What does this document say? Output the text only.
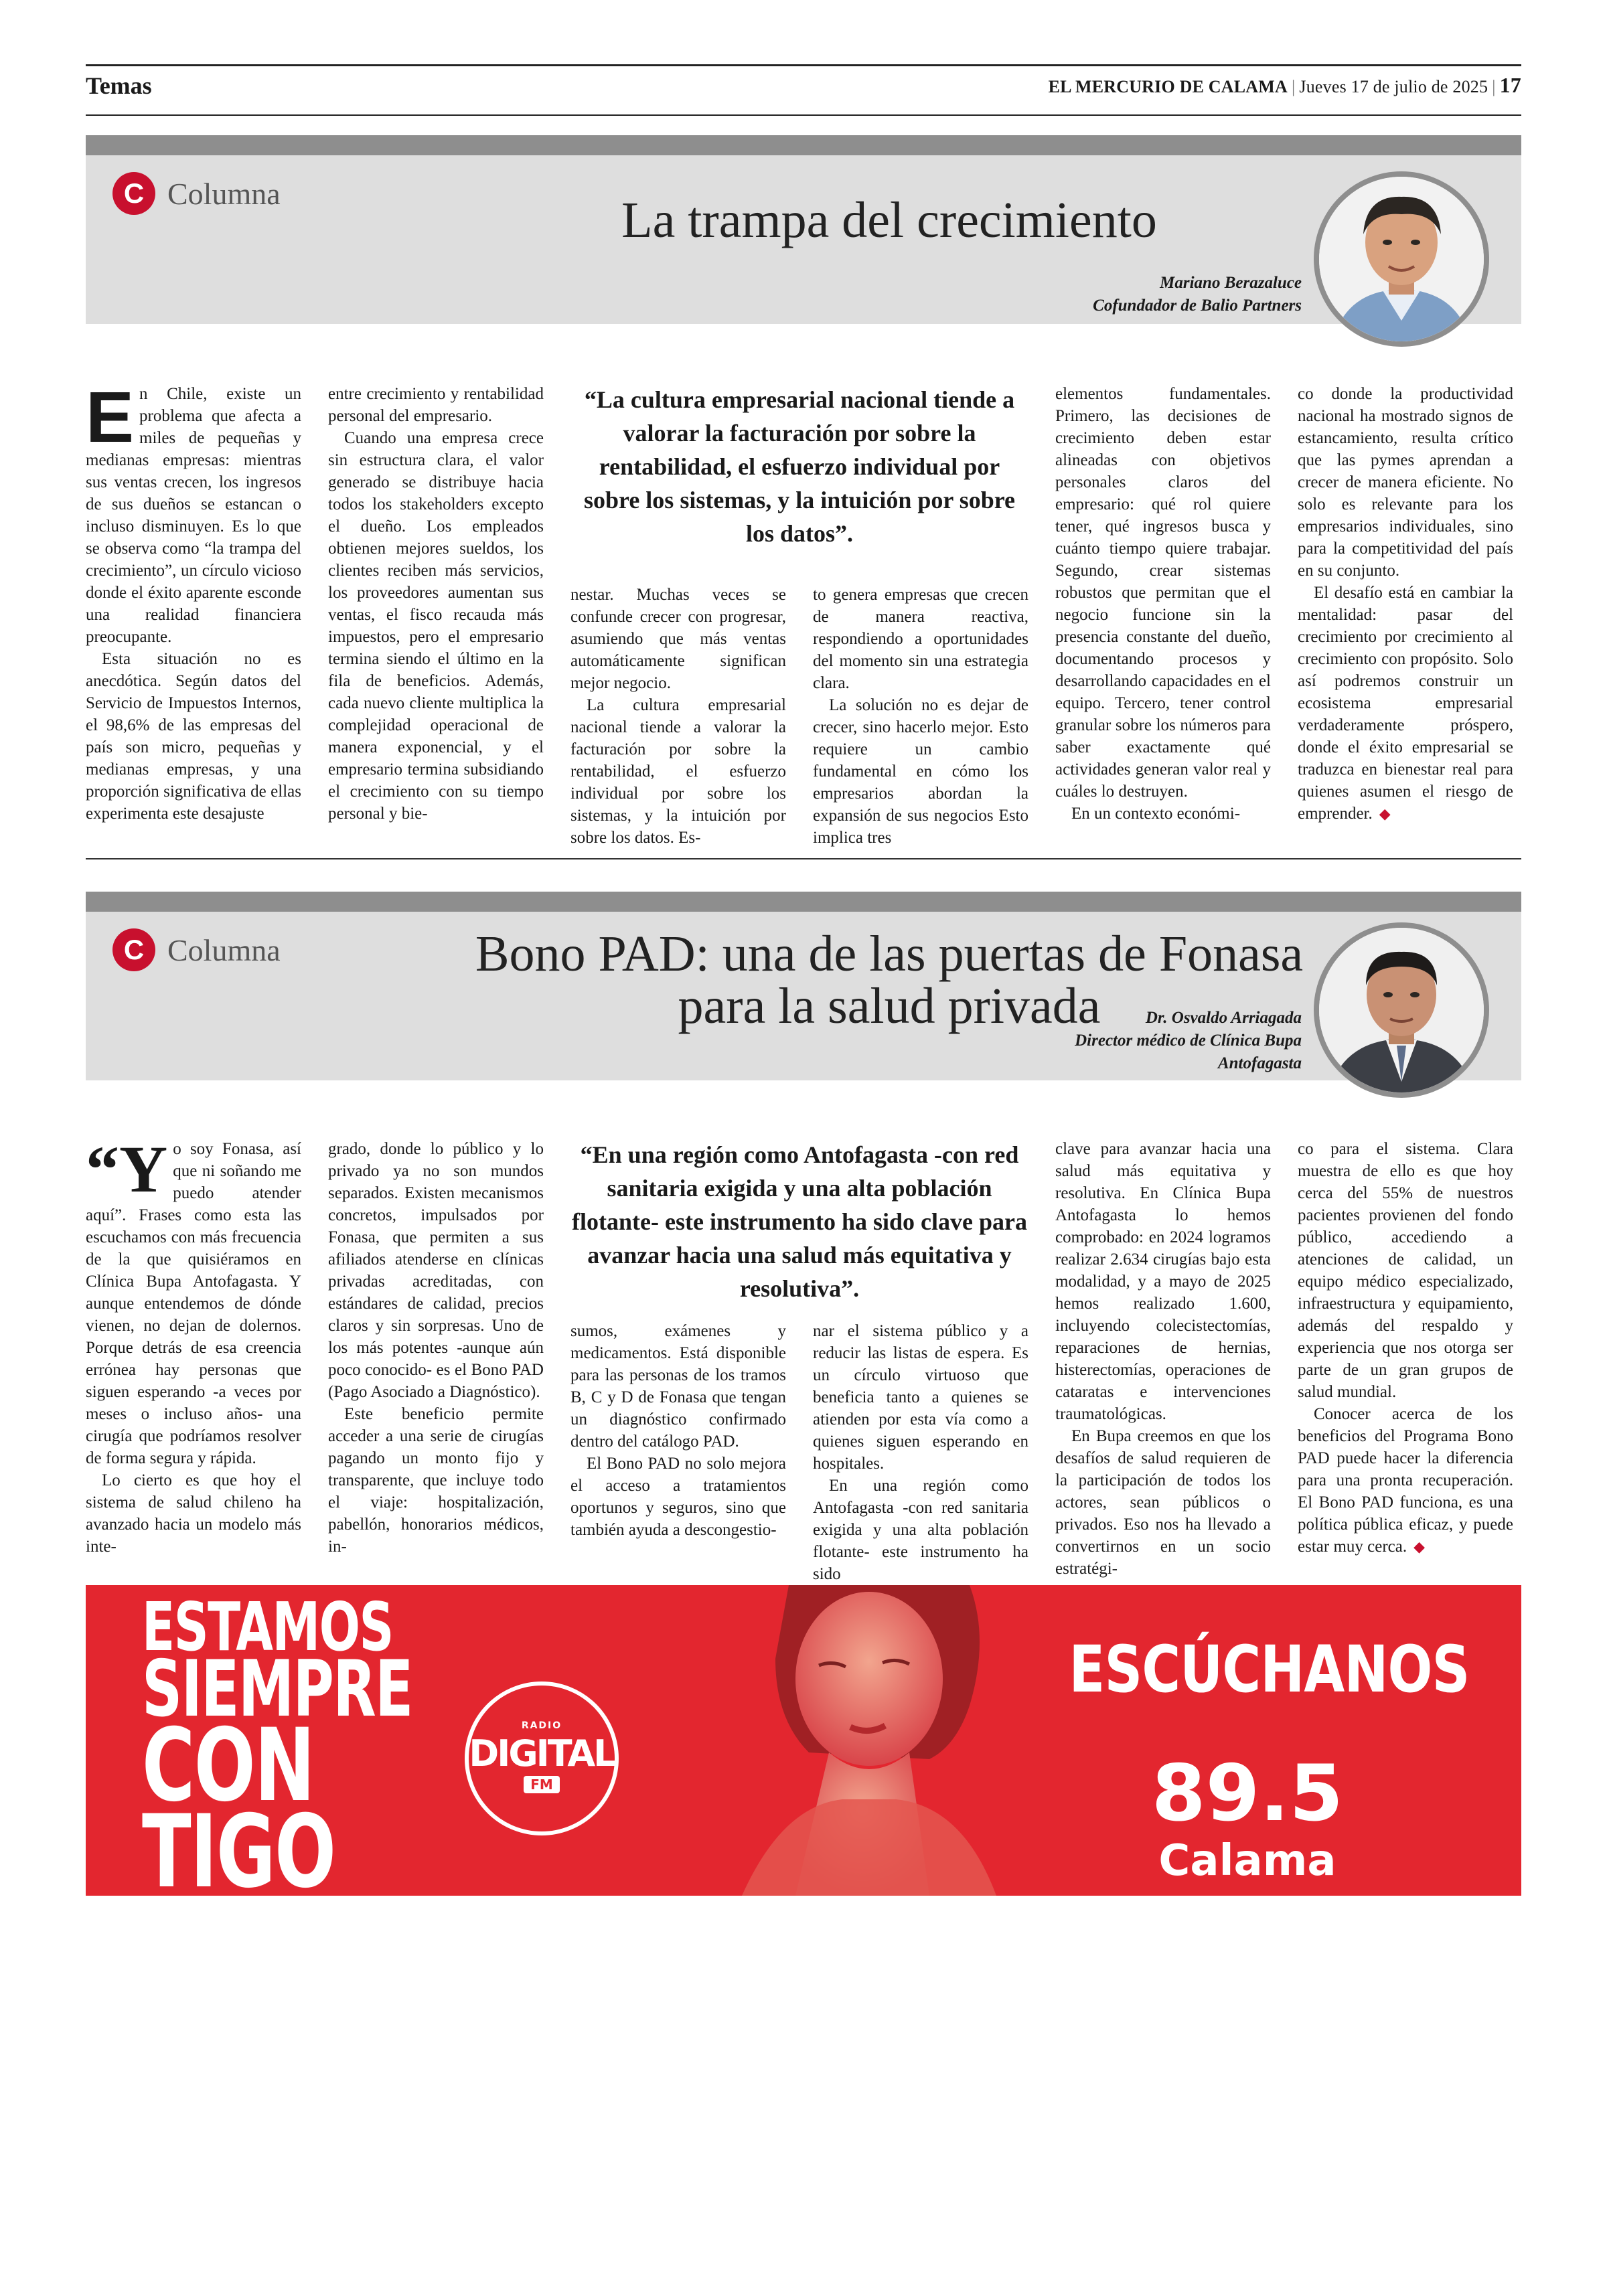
Temas	EL MERCURIO DE CALAMA | Jueves 17 de julio de 2025 | 17
C Columna	La trampa del crecimiento
Mariano Berazaluce
Cofundador de Balio Partners

En Chile, existe un problema que afecta a miles de pequeñas y medianas empresas: mientras sus ventas crecen, los ingresos de sus dueños se estancan o incluso disminuyen. Es lo que se observa como “la trampa del crecimiento”, un círculo vicioso donde el éxito aparente esconde una realidad financiera preocupante.

Esta situación no es anecdótica. Según datos del Servicio de Impuestos Internos, el 98,6% de las empresas del país son micro, pequeñas y medianas empresas, y una proporción significativa de ellas experimenta este desajuste

entre crecimiento y rentabilidad personal del empresario.

Cuando una empresa crece sin estructura clara, el valor generado se distribuye hacia todos los stakeholders excepto el dueño. Los empleados obtienen mejores sueldos, los clientes reciben más servicios, los proveedores aumentan sus ventas, el fisco recauda más impuestos, pero el empresario termina siendo el último en la fila de beneficios. Además, cada nuevo cliente multiplica la complejidad operacional de manera exponencial, y el empresario termina subsidiando el crecimiento con su tiempo personal y bie-

“La cultura empresarial nacional tiende a valorar la facturación por sobre la rentabilidad, el esfuerzo individual por sobre los sistemas, y la intuición por sobre los datos”.

nestar. Muchas veces se confunde crecer con progresar, asumiendo que más ventas automáticamente significan mejor negocio.

La cultura empresarial nacional tiende a valorar la facturación por sobre la rentabilidad, el esfuerzo individual por sobre los sistemas, y la intuición por sobre los datos. Es-

to genera empresas que crecen de manera reactiva, respondiendo a oportunidades del momento sin una estrategia clara.

La solución no es dejar de crecer, sino hacerlo mejor. Esto requiere un cambio fundamental en cómo los empresarios abordan la expansión de sus negocios Esto implica tres

elementos fundamentales. Primero, las decisiones de crecimiento deben estar alineadas con objetivos personales claros del empresario: qué rol quiere tener, qué ingresos busca y cuánto tiempo quiere trabajar. Segundo, crear sistemas robustos que permitan que el negocio funcione sin la presencia constante del dueño, documentando procesos y desarrollando capacidades en el equipo. Tercero, tener control granular sobre los números para saber exactamente qué actividades generan valor real y cuáles lo destruyen.

En un contexto económi-

co donde la productividad nacional ha mostrado signos de estancamiento, resulta crítico que las pymes aprendan a crecer de manera eficiente. No solo es relevante para los empresarios individuales, sino para la competitividad del país en su conjunto.

El desafío está en cambiar la mentalidad: pasar del crecimiento por crecimiento al crecimiento con propósito. Solo así podremos construir un ecosistema empresarial verdaderamente próspero, donde el éxito empresarial se traduzca en bienestar real para quienes asumen el riesgo de emprender. ◆

C Columna	Bono PAD: una de las puertas de Fonasa
para la salud privada	Dr. Osvaldo Arriagada
Director médico de Clínica Bupa
Antofagasta

“Yo soy Fonasa, así que ni soñando me puedo atender aquí”. Frases como esta las escuchamos con más frecuencia de la que quisiéramos en Clínica Bupa Antofagasta. Y aunque entendemos de dónde vienen, no dejan de dolernos. Porque detrás de esa creencia errónea hay personas que siguen esperando -a veces por meses o incluso años- una cirugía que podríamos resolver de forma segura y rápida.

Lo cierto es que hoy el sistema de salud chileno ha avanzado hacia un modelo más inte-

grado, donde lo público y lo privado ya no son mundos separados. Existen mecanismos concretos, impulsados por Fonasa, que permiten a sus afiliados atenderse en clínicas privadas acreditadas, con estándares de calidad, precios claros y sin sorpresas. Uno de los más potentes -aunque aún poco conocido- es el Bono PAD (Pago Asociado a Diagnóstico).

Este beneficio permite acceder a una serie de cirugías pagando un monto fijo y transparente, que incluye todo el viaje: hospitalización, pabellón, honorarios médicos, in-

“En una región como Antofagasta -con red sanitaria exigida y una alta población flotante- este instrumento ha sido clave para avanzar hacia una salud más equitativa y resolutiva”.

sumos, exámenes y medicamentos. Está disponible para las personas de los tramos B, C y D de Fonasa que tengan un diagnóstico confirmado dentro del catálogo PAD.

El Bono PAD no solo mejora el acceso a tratamientos oportunos y seguros, sino que también ayuda a descongestio-

nar el sistema público y a reducir las listas de espera. Es un círculo virtuoso que beneficia tanto a quienes se atienden por esta vía como a quienes siguen esperando en hospitales.

En una región como Antofagasta -con red sanitaria exigida y una alta población flotante- este instrumento ha sido

clave para avanzar hacia una salud más equitativa y resolutiva. En Clínica Bupa Antofagasta lo hemos comprobado: en 2024 logramos realizar 2.634 cirugías bajo esta modalidad, y a mayo de 2025 hemos realizado 1.600, incluyendo colecistectomías, reparaciones de hernias, histerectomías, operaciones de cataratas e intervenciones traumatológicas.

En Bupa creemos en que los desafíos de salud requieren de la participación de todos los actores, sean públicos o privados. Eso nos ha llevado a convertirnos en un socio estratégi-

co para el sistema. Clara muestra de ello es que hoy cerca del 55% de nuestros pacientes provienen del fondo público, accediendo a atenciones de calidad, un equipo médico especializado, infraestructura y equipamiento, además del respaldo y experiencia que nos otorga ser parte de un gran grupos de salud mundial.

Conocer acerca de los beneficios del Programa Bono PAD puede hacer la diferencia para una pronta recuperación. El Bono PAD funciona, es una política pública eficaz, y puede estar muy cerca. ◆

ESTAMOS
SIEMPRE
CON
TIGO
RADIO
DIGITAL
FM
ESCÚCHANOS
89.5
Calama
